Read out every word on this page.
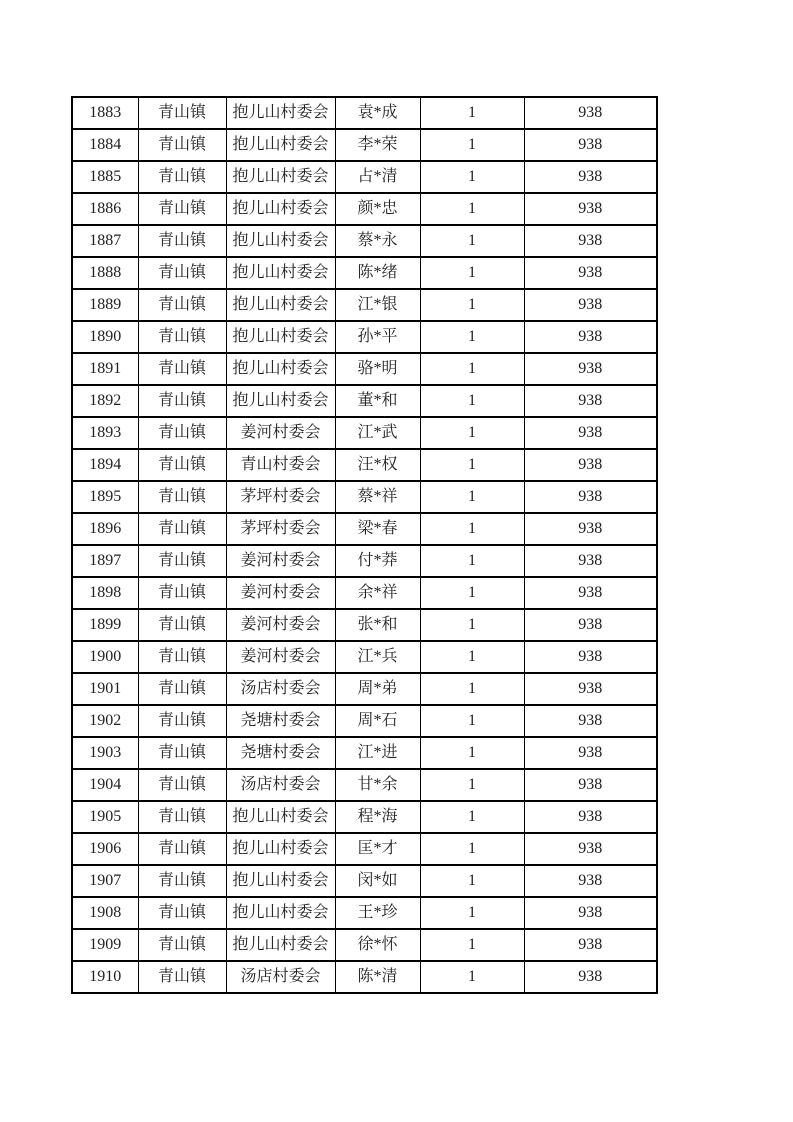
1883	青山镇	抱儿山村委会	袁*成	1	938
1884	青山镇	抱儿山村委会	李*荣	1	938
1885	青山镇	抱儿山村委会	占*清	1	938
1886	青山镇	抱儿山村委会	颜*忠	1	938
1887	青山镇	抱儿山村委会	蔡*永	1	938
1888	青山镇	抱儿山村委会	陈*绪	1	938
1889	青山镇	抱儿山村委会	江*银	1	938
1890	青山镇	抱儿山村委会	孙*平	1	938
1891	青山镇	抱儿山村委会	骆*明	1	938
1892	青山镇	抱儿山村委会	董*和	1	938
1893	青山镇	姜河村委会	江*武	1	938
1894	青山镇	青山村委会	汪*权	1	938
1895	青山镇	茅坪村委会	蔡*祥	1	938
1896	青山镇	茅坪村委会	梁*春	1	938
1897	青山镇	姜河村委会	付*莽	1	938
1898	青山镇	姜河村委会	余*祥	1	938
1899	青山镇	姜河村委会	张*和	1	938
1900	青山镇	姜河村委会	江*兵	1	938
1901	青山镇	汤店村委会	周*弟	1	938
1902	青山镇	尧塘村委会	周*石	1	938
1903	青山镇	尧塘村委会	江*进	1	938
1904	青山镇	汤店村委会	甘*余	1	938
1905	青山镇	抱儿山村委会	程*海	1	938
1906	青山镇	抱儿山村委会	匡*才	1	938
1907	青山镇	抱儿山村委会	闵*如	1	938
1908	青山镇	抱儿山村委会	王*珍	1	938
1909	青山镇	抱儿山村委会	徐*怀	1	938
1910	青山镇	汤店村委会	陈*清	1	938
